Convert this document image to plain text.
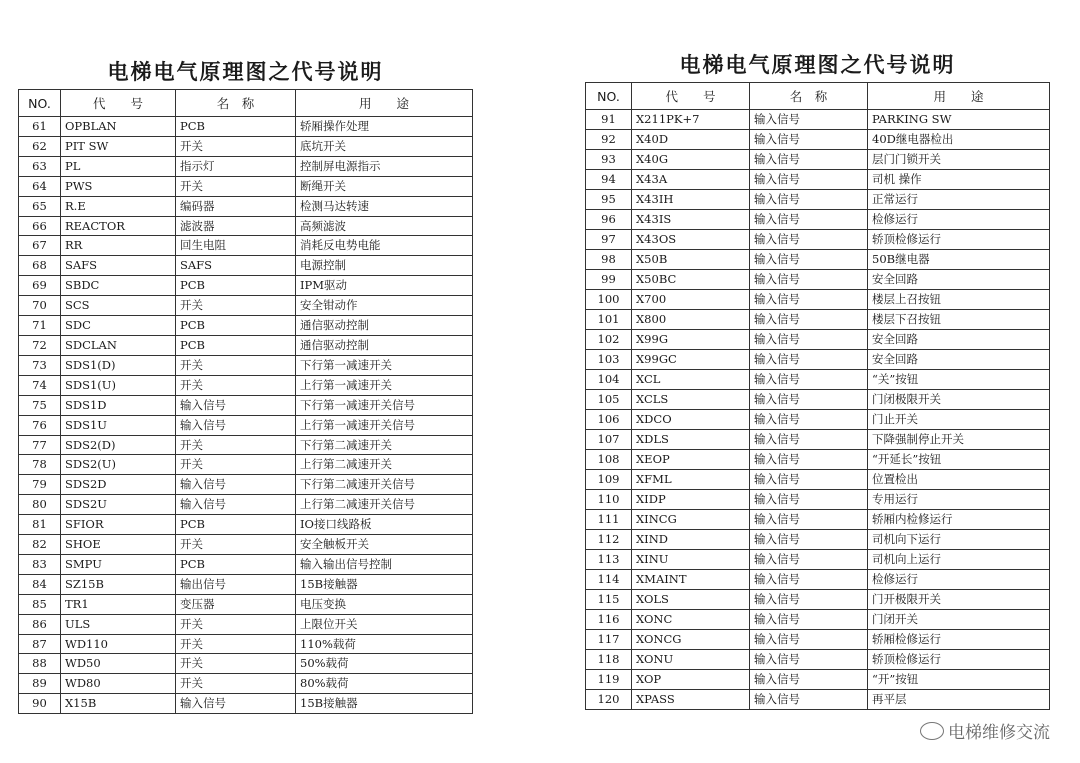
电梯电气原理图之代号说明
NO.	代　　号	名　称	用　　途
61	OPBLAN	PCB	轿厢操作处理
62	PIT SW	开关	底坑开关
63	PL	指示灯	控制屏电源指示
64	PWS	开关	断绳开关
65	R.E	编码器	检测马达转速
66	REACTOR	滤波器	高频滤波
67	RR	回生电阻	消耗反电势电能
68	SAFS	SAFS	电源控制
69	SBDC	PCB	IPM驱动
70	SCS	开关	安全钳动作
71	SDC	PCB	通信驱动控制
72	SDCLAN	PCB	通信驱动控制
73	SDS1(D)	开关	下行第一减速开关
74	SDS1(U)	开关	上行第一减速开关
75	SDS1D	输入信号	下行第一减速开关信号
76	SDS1U	输入信号	上行第一减速开关信号
77	SDS2(D)	开关	下行第二减速开关
78	SDS2(U)	开关	上行第二减速开关
79	SDS2D	输入信号	下行第二减速开关信号
80	SDS2U	输入信号	上行第二减速开关信号
81	SFIOR	PCB	IO接口线路板
82	SHOE	开关	安全触板开关
83	SMPU	PCB	输入输出信号控制
84	SZ15B	输出信号	15B接触器
85	TR1	变压器	电压变换
86	ULS	开关	上限位开关
87	WD110	开关	110%载荷
88	WD50	开关	50%载荷
89	WD80	开关	80%载荷
90	X15B	输入信号	15B接触器
电梯电气原理图之代号说明
NO.	代　　号	名　称	用　　途
91	X211PK+7	输入信号	PARKING SW
92	X40D	输入信号	40D继电器检出
93	X40G	输入信号	层门门锁开关
94	X43A	输入信号	司机 操作
95	X43IH	输入信号	正常运行
96	X43IS	输入信号	检修运行
97	X43OS	输入信号	轿顶检修运行
98	X50B	输入信号	50B继电器
99	X50BC	输入信号	安全回路
100	X700	输入信号	楼层上召按钮
101	X800	输入信号	楼层下召按钮
102	X99G	输入信号	安全回路
103	X99GC	输入信号	安全回路
104	XCL	输入信号	“关”按钮
105	XCLS	输入信号	门闭极限开关
106	XDCO	输入信号	门止开关
107	XDLS	输入信号	下降强制停止开关
108	XEOP	输入信号	“开延长”按钮
109	XFML	输入信号	位置检出
110	XIDP	输入信号	专用运行
111	XINCG	输入信号	轿厢内检修运行
112	XIND	输入信号	司机向下运行
113	XINU	输入信号	司机向上运行
114	XMAINT	输入信号	检修运行
115	XOLS	输入信号	门开极限开关
116	XONC	输入信号	门闭开关
117	XONCG	输入信号	轿厢检修运行
118	XONU	输入信号	轿顶检修运行
119	XOP	输入信号	“开”按钮
120	XPASS	输入信号	再平层
电梯维修交流
